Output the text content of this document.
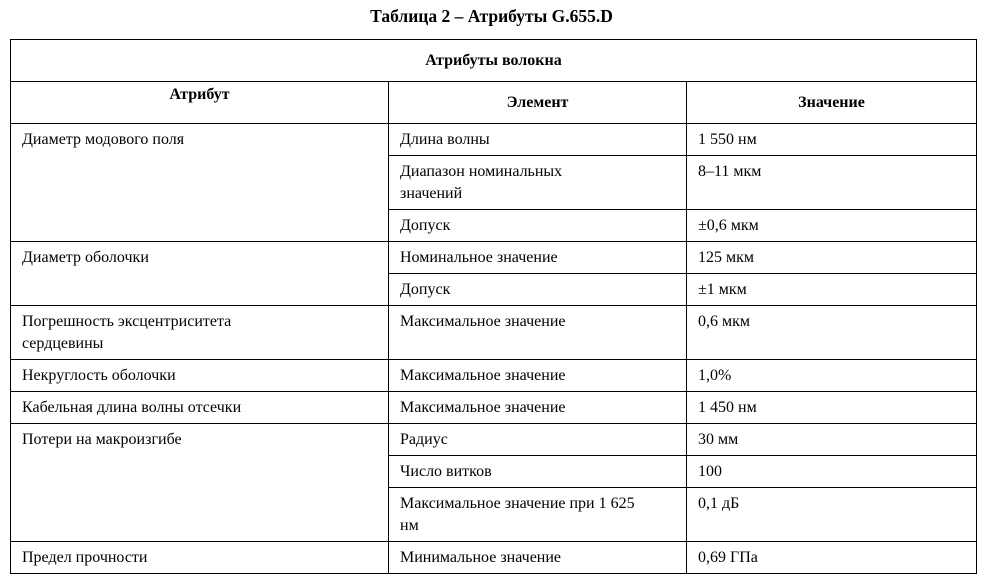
Таблица 2 – Атрибуты G.655.D
Атрибуты волокна		
Атрибут	Элемент	Значение
Диаметр модового поля	Длина волны	1 550 нм
	Диапазон номинальных значений	8–11 мкм
	Допуск	±0,6 мкм
Диаметр оболочки	Номинальное значение	125 мкм
	Допуск	±1 мкм
Погрешность эксцентриситета сердцевины	Максимальное значение	0,6 мкм
Некруглость оболочки	Максимальное значение	1,0%
Кабельная длина волны отсечки	Максимальное значение	1 450 нм
Потери на макроизгибе	Радиус	30 мм
	Число витков	100
	Максимальное значение при 1 625 нм	0,1 дБ
Предел прочности	Минимальное значение	0,69 ГПа
